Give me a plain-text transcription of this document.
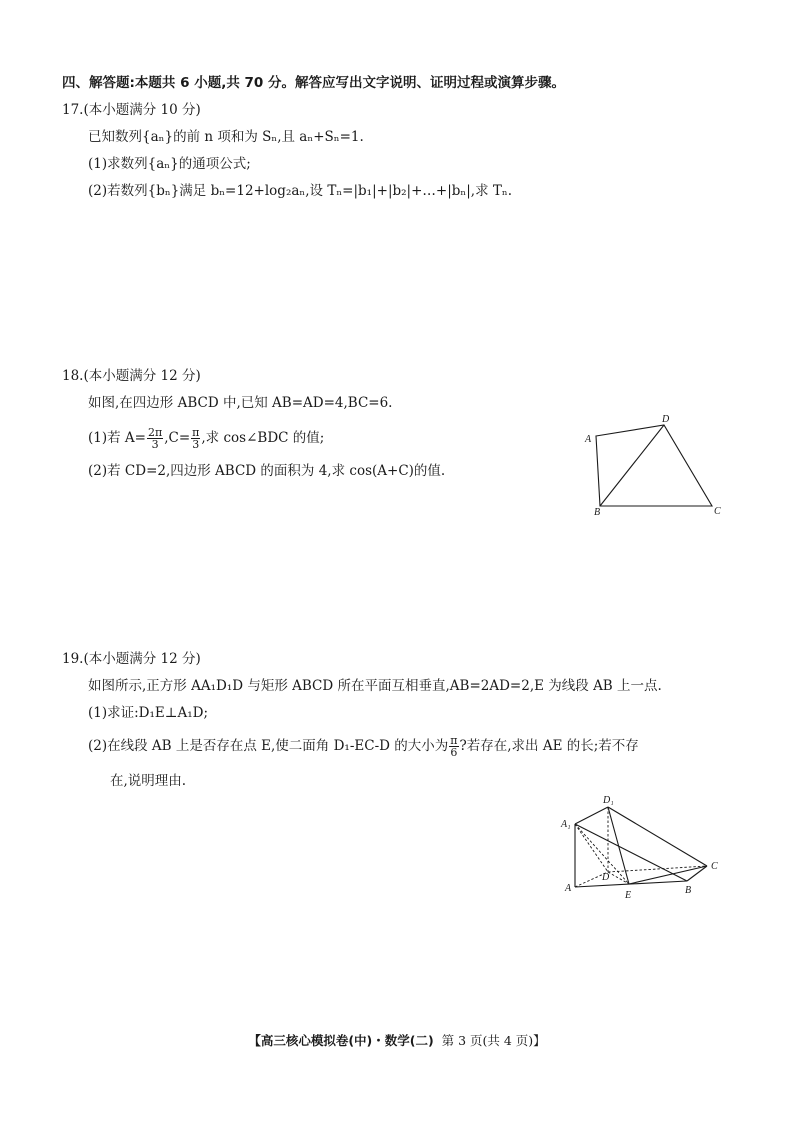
四、解答题:本题共 6 小题,共 70 分。解答应写出文字说明、证明过程或演算步骤。
17.(本小题满分 10 分)
已知数列{aₙ}的前 n 项和为 Sₙ,且 aₙ+Sₙ=1.
(1)求数列{aₙ}的通项公式;
(2)若数列{bₙ}满足 bₙ=12+log₂aₙ,设 Tₙ=|b₁|+|b₂|+…+|bₙ|,求 Tₙ.
18.(本小题满分 12 分)
如图,在四边形 ABCD 中,已知 AB=AD=4,BC=6.
(1)若 $A= \frac{2\pi}{3} ,C= \frac{\pi}{3}$ ,求 cos∠BDC 的值;
(2)若 CD=2,四边形 ABCD 的面积为 4,求 cos(A+C)的值.
A
B	C
D
19.(本小题满分 12 分)
如图所示,正方形 AA₁D₁D 与矩形 ABCD 所在平面互相垂直,AB=2AD=2,E 为线段 AB 上一点.
(1)求证:D₁E⊥A₁D;
(2)在线段 AB 上是否存在点 E,使二面角 D₁-EC-D 的大小为 $\frac{\pi}{6}$ ?若存在,求出 AE 的长;若不存
在,说明理由.
D₁
A₁
C
D
A
E	B
【高三核心模拟卷(中)・数学(二) 第 3 页(共 4 页)】
